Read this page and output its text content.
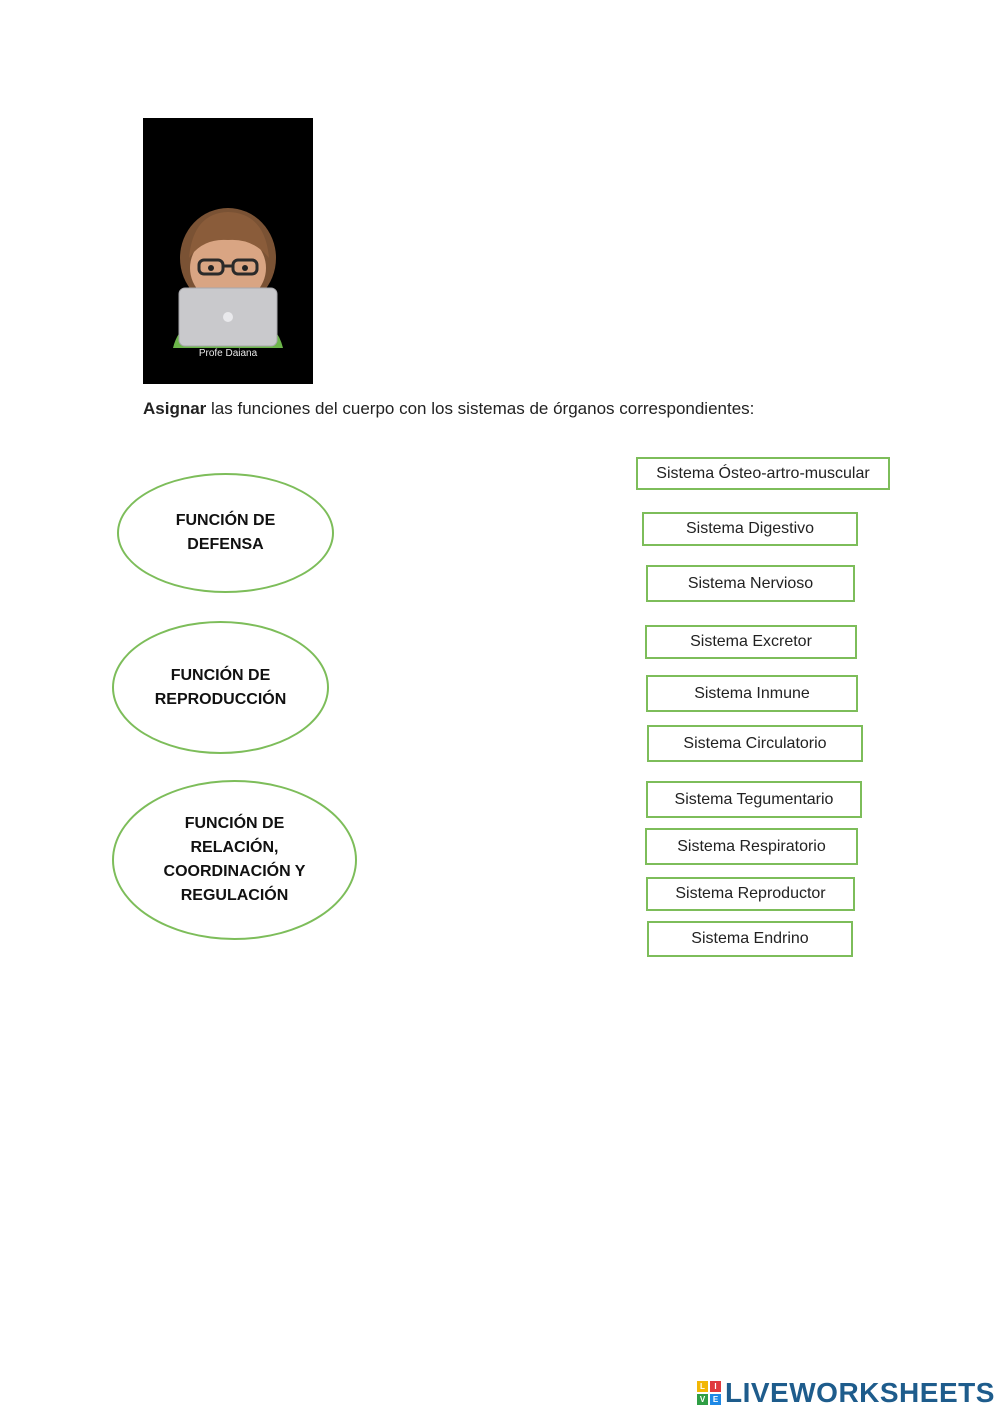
Profe Daiana
Asignar las funciones del cuerpo con los sistemas de órganos correspondientes:
FUNCIÓN DE
DEFENSA
FUNCIÓN DE
REPRODUCCIÓN
FUNCIÓN DE
RELACIÓN,
COORDINACIÓN Y
REGULACIÓN
Sistema Ósteo-artro-muscular
Sistema Digestivo
Sistema Nervioso
Sistema Excretor
Sistema Inmune
Sistema Circulatorio
Sistema Tegumentario
Sistema Respiratorio
Sistema Reproductor
Sistema Endrino
L	I
V E LIVEWORKSHEETS
